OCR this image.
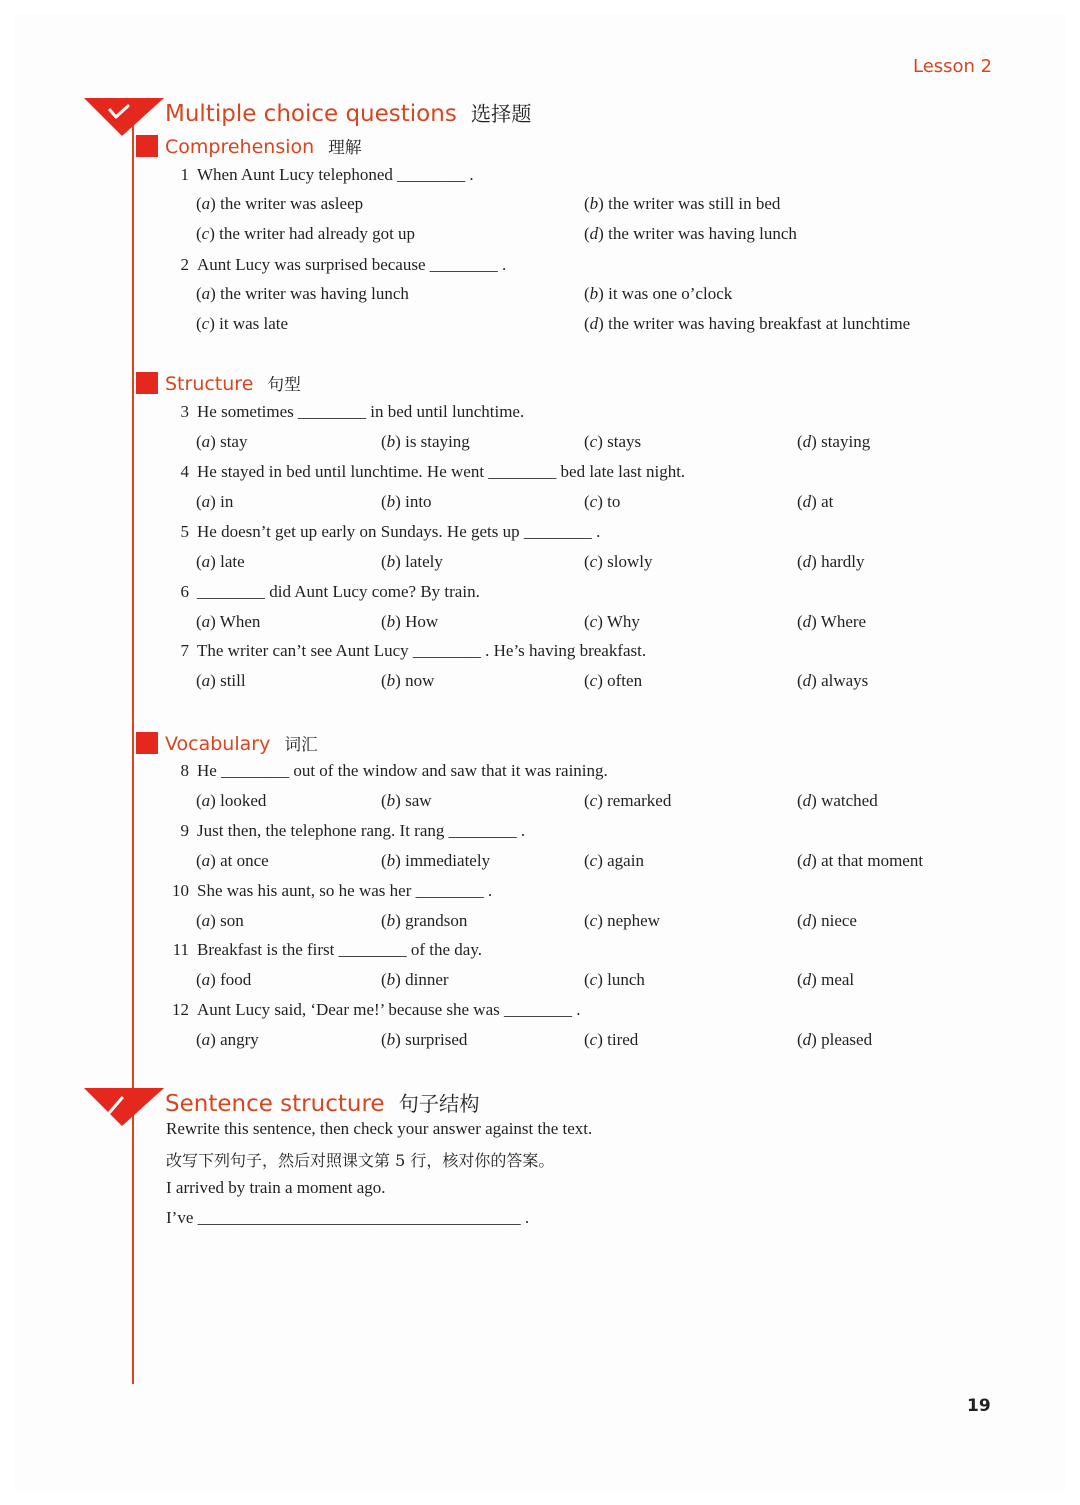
Lesson 2
Multiple choice questions 选择题
Comprehension 理解
Structure 句型
Vocabulary 词汇
Sentence structure 句子结构
1 When Aunt Lucy telephoned ________ .
(a) the writer was asleep	(b) the writer was still in bed
(c) the writer had already got up	(d) the writer was having lunch
2 Aunt Lucy was surprised because ________ .
(a) the writer was having lunch	(b) it was one o’clock
(c) it was late	(d) the writer was having breakfast at lunchtime
3 He sometimes ________ in bed until lunchtime.
(a) stay	(b) is staying	(c) stays	(d) staying
4 He stayed in bed until lunchtime. He went ________ bed late last night.
(a) in	(b) into	(c) to	(d) at
5 He doesn’t get up early on Sundays. He gets up ________ .
(a) late	(b) lately	(c) slowly	(d) hardly
6 ________ did Aunt Lucy come? By train.
(a) When	(b) How	(c) Why	(d) Where
7 The writer can’t see Aunt Lucy ________ . He’s having breakfast.
(a) still	(b) now	(c) often	(d) always
8 He ________ out of the window and saw that it was raining.
(a) looked	(b) saw	(c) remarked	(d) watched
9 Just then, the telephone rang. It rang ________ .
(a) at once	(b) immediately	(c) again	(d) at that moment
10 She was his aunt, so he was her ________ .
(a) son	(b) grandson	(c) nephew	(d) niece
11 Breakfast is the first ________ of the day.
(a) food	(b) dinner	(c) lunch	(d) meal
12 Aunt Lucy said, ‘Dear me!’ because she was ________ .
(a) angry	(b) surprised	(c) tired	(d) pleased
Rewrite this sentence, then check your answer against the text.
改写下列句子，然后对照课文第 5 行，核对你的答案。
I arrived by train a moment ago.
I’ve ______________________________________ .
19
